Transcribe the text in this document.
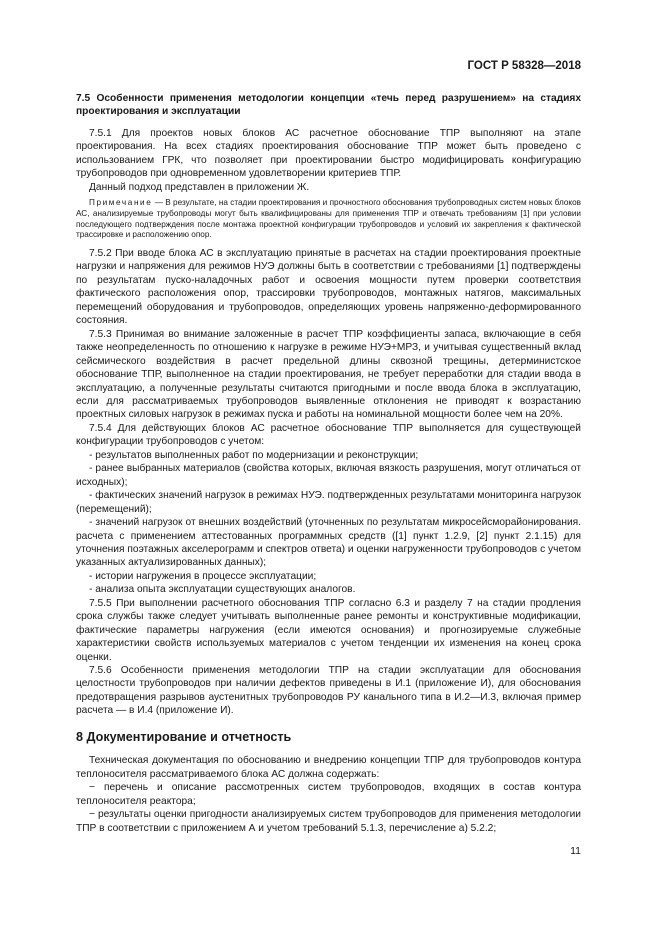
ГОСТ Р 58328—2018

7.5 Особенности применения методологии концепции «течь перед разрушением» на стадиях проектирования и эксплуатации

7.5.1 Для проектов новых блоков АС расчетное обоснование ТПР выполняют на этапе проектирования. На всех стадиях проектирования обоснование ТПР может быть проведено с использованием ГРК, что позволяет при проектировании быстро модифицировать конфигурацию трубопроводов при одновременном удовлетворении критериев ТПР.

Данный подход представлен в приложении Ж.

Примечание — В результате, на стадии проектирования и прочностного обоснования трубопроводных систем новых блоков АС, анализируемые трубопроводы могут быть квалифицированы для применения ТПР и отвечать требованиям [1] при условии последующего подтверждения после монтажа проектной конфигурации трубопроводов и условий их закрепления к фактической трассировке и расположению опор.

7.5.2 При вводе блока АС в эксплуатацию принятые в расчетах на стадии проектирования проектные нагрузки и напряжения для режимов НУЭ должны быть в соответствии с требованиями [1] подтверждены по результатам пуско-наладочных работ и освоения мощности путем проверки соответствия фактического расположения опор, трассировки трубопроводов, монтажных натягов, максимальных перемещений оборудования и трубопроводов, определяющих уровень напряженно-деформированного состояния.

7.5.3 Принимая во внимание заложенные в расчет ТПР коэффициенты запаса, включающие в себя также неопределенность по отношению к нагрузке в режиме НУЭ+МРЗ, и учитывая существенный вклад сейсмического воздействия в расчет предельной длины сквозной трещины, детерминистское обоснование ТПР, выполненное на стадии проектирования, не требует переработки для стадии ввода в эксплуатацию, а полученные результаты считаются пригодными и после ввода блока в эксплуатацию, если для рассматриваемых трубопроводов выявленные отклонения не приводят к возрастанию проектных силовых нагрузок в режимах пуска и работы на номинальной мощности более чем на 20%.

7.5.4 Для действующих блоков АС расчетное обоснование ТПР выполняется для существующей конфигурации трубопроводов с учетом:

- результатов выполненных работ по модернизации и реконструкции;

- ранее выбранных материалов (свойства которых, включая вязкость разрушения, могут отличаться от исходных);

- фактических значений нагрузок в режимах НУЭ. подтвержденных результатами мониторинга нагрузок (перемещений);

- значений нагрузок от внешних воздействий (уточненных по результатам микросейсморайонирования. расчета с применением аттестованных программных средств ([1] пункт 1.2.9, [2] пункт 2.1.15) для уточнения поэтажных акселерограмм и спектров ответа) и оценки нагруженности трубопроводов с учетом указанных актуализированных данных);

- истории нагружения в процессе эксплуатации;

- анализа опыта эксплуатации существующих аналогов.

7.5.5 При выполнении расчетного обоснования ТПР согласно 6.3 и разделу 7 на стадии продления срока службы также следует учитывать выполненные ранее ремонты и конструктивные модификации, фактические параметры нагружения (если имеются основания) и прогнозируемые служебные характеристики свойств используемых материалов с учетом тенденции их изменения на конец срока оценки.

7.5.6 Особенности применения методологии ТПР на стадии эксплуатации для обоснования целостности трубопроводов при наличии дефектов приведены в И.1 (приложение И), для обоснования предотвращения разрывов аустенитных трубопроводов РУ канального типа в И.2—И.3, включая пример расчета — в И.4 (приложение И).

8 Документирование и отчетность

Техническая документация по обоснованию и внедрению концепции ТПР для трубопроводов контура теплоносителя рассматриваемого блока АС должна содержать:

− перечень и описание рассмотренных систем трубопроводов, входящих в состав контура теплоносителя реактора;

− результаты оценки пригодности анализируемых систем трубопроводов для применения методологии ТПР в соответствии с приложением А и учетом требований 5.1.3, перечисление а) 5.2.2;

11
